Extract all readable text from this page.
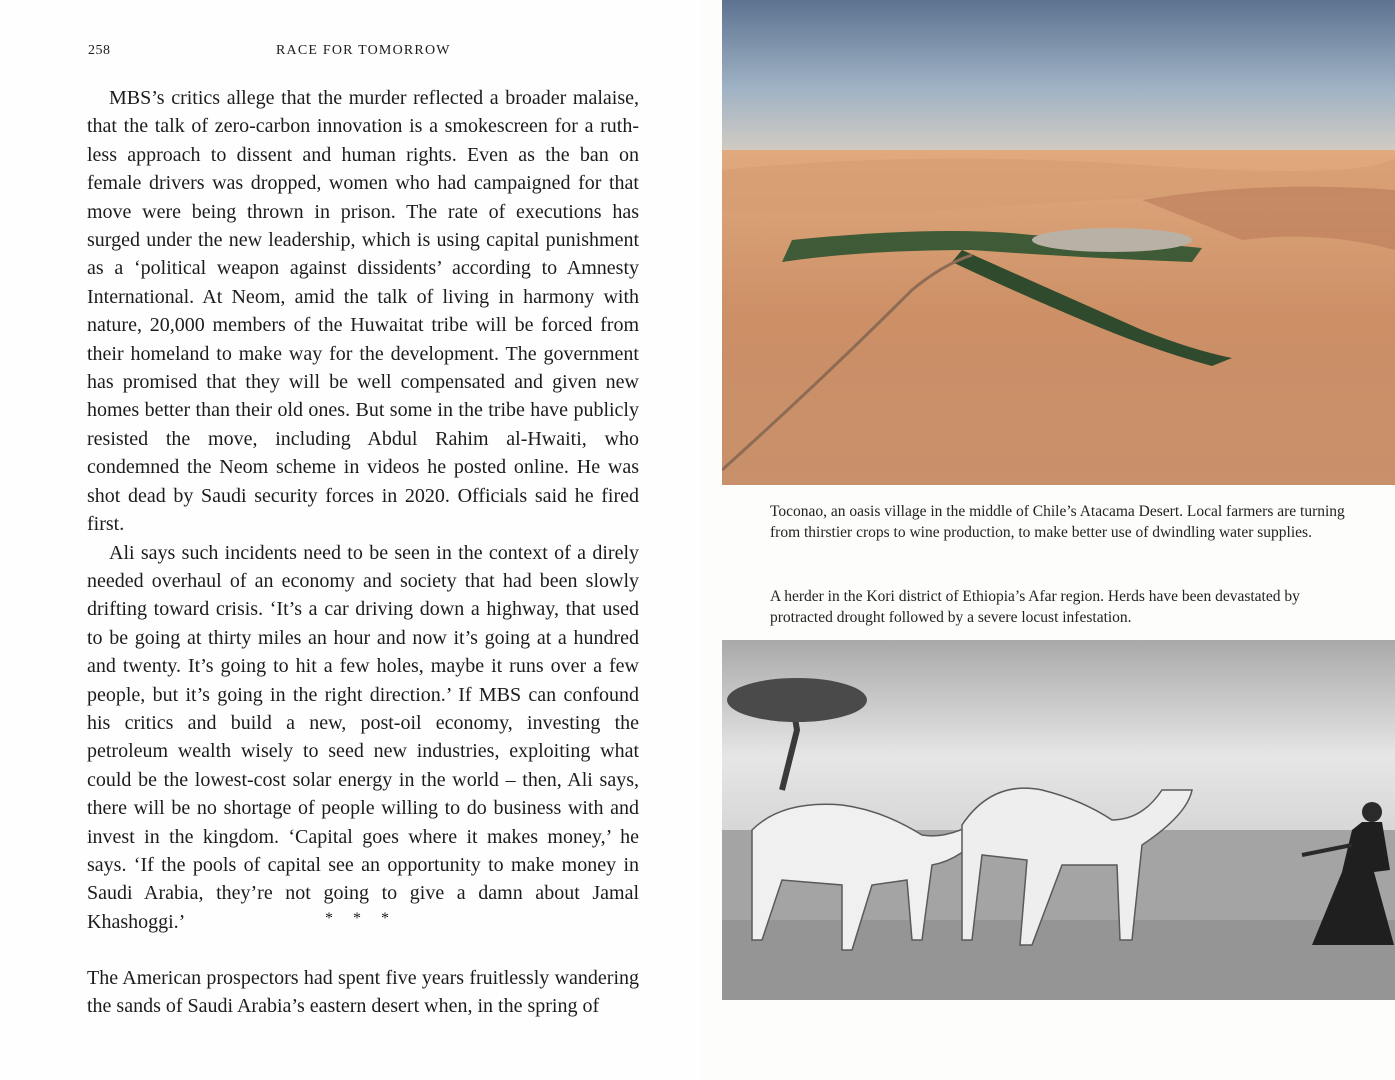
258	RACE FOR TOMORROW

MBS’s critics allege that the murder reflected a broader malaise, that the talk of zero-carbon innovation is a smokescreen for a ruth-less approach to dissent and human rights. Even as the ban on female drivers was dropped, women who had campaigned for that move were being thrown in prison. The rate of executions has surged under the new leadership, which is using capital punishment as a ‘political weapon against dissidents’ according to Amnesty International. At Neom, amid the talk of living in harmony with nature, 20,000 members of the Huwaitat tribe will be forced from their homeland to make way for the development. The government has promised that they will be well compensated and given new homes better than their old ones. But some in the tribe have publicly resisted the move, including Abdul Rahim al-Hwaiti, who condemned the Neom scheme in videos he posted online. He was shot dead by Saudi security forces in 2020. Officials said he fired first.

Ali says such incidents need to be seen in the context of a direly needed overhaul of an economy and society that had been slowly drifting toward crisis. ‘It’s a car driving down a highway, that used to be going at thirty miles an hour and now it’s going at a hundred and twenty. It’s going to hit a few holes, maybe it runs over a few people, but it’s going in the right direction.’ If MBS can confound his critics and build a new, post-oil economy, investing the petroleum wealth wisely to seed new industries, exploiting what could be the lowest-cost solar energy in the world – then, Ali says, there will be no shortage of people willing to do business with and invest in the kingdom. ‘Capital goes where it makes money,’ he says. ‘If the pools of capital see an opportunity to make money in Saudi Arabia, they’re not going to give a damn about Jamal Khashoggi.’	* * *

The American prospectors had spent five years fruitlessly wandering the sands of Saudi Arabia’s eastern desert when, in the spring of

Toconao, an oasis village in the middle of Chile’s Atacama Desert. Local farmers are turning from thirstier crops to wine production, to make better use of dwindling water supplies.
A herder in the Kori district of Ethiopia’s Afar region. Herds have been devastated by protracted drought followed by a severe locust infestation.
